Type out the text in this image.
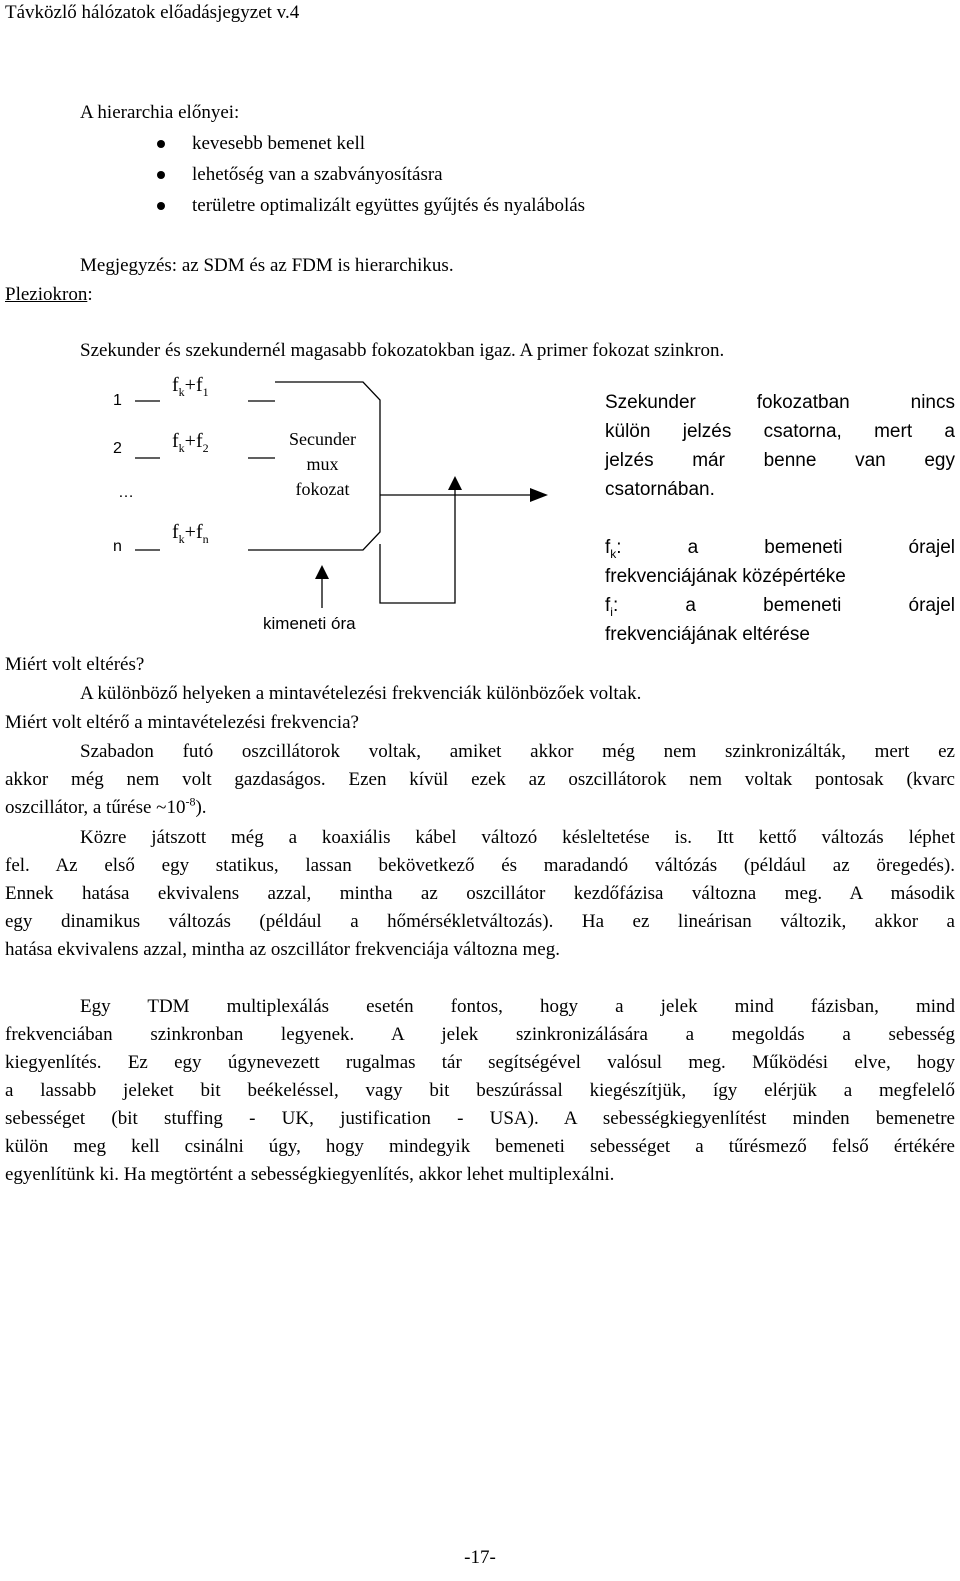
Távközlő hálózatok előadásjegyzet v.4
A hierarchia előnyei:
kevesebb bemenet kell
lehetőség van a szabványosításra
területre optimalizált együttes gyűjtés és nyalábolás
Megjegyzés: az SDM és az FDM is hierarchikus.
Pleziokron:
Szekunder és szekundernél magasabb fokozatokban igaz. A primer fokozat szinkron.
1
2
…
n
$f_k+f_1$
$f_k+f_2$
$f_k+f_n$
Secunder
mux
fokozat
kimeneti óra
Szekunder fokozatban nincs
külön jelzés csatorna, mert a
jelzés már benne van egy
csatornában.
$f_k$: a bemeneti órajel
frekvenciájának középértéke
$f_i$: a bemeneti órajel
frekvenciájának eltérése
Miért volt eltérés?
A különböző helyeken a mintavételezési frekvenciák különbözőek voltak.
Miért volt eltérő a mintavételezési frekvencia?
Szabadon futó oszcillátorok voltak, amiket akkor még nem szinkronizálták, mert ez
akkor még nem volt gazdaságos. Ezen kívül ezek az oszcillátorok nem voltak pontosak (kvarc
oszcillátor, a tűrése $\sim 10^{-8}$).
Közre játszott még a koaxiális kábel változó késleltetése is. Itt kettő változás léphet
fel. Az első egy statikus, lassan bekövetkező és maradandó váltózás (például az öregedés).
Ennek hatása ekvivalens azzal, mintha az oszcillátor kezdőfázisa változna meg. A második
egy dinamikus változás (például a hőmérsékletváltozás). Ha ez lineárisan változik, akkor a
hatása ekvivalens azzal, mintha az oszcillátor frekvenciája változna meg.
Egy TDM multiplexálás esetén fontos, hogy a jelek mind fázisban, mind
frekvenciában szinkronban legyenek. A jelek szinkronizálására a megoldás a sebesség
kiegyenlítés. Ez egy úgynevezett rugalmas tár segítségével valósul meg. Működési elve, hogy
a lassabb jeleket bit beékeléssel, vagy bit beszúrással kiegészítjük, így elérjük a megfelelő
sebességet (bit stuffing - UK, justification - USA). A sebességkiegyenlítést minden bemenetre
külön meg kell csinálni úgy, hogy mindegyik bemeneti sebességet a tűrésmező felső értékére
egyenlítünk ki. Ha megtörtént a sebességkiegyenlítés, akkor lehet multiplexálni.
-17-
